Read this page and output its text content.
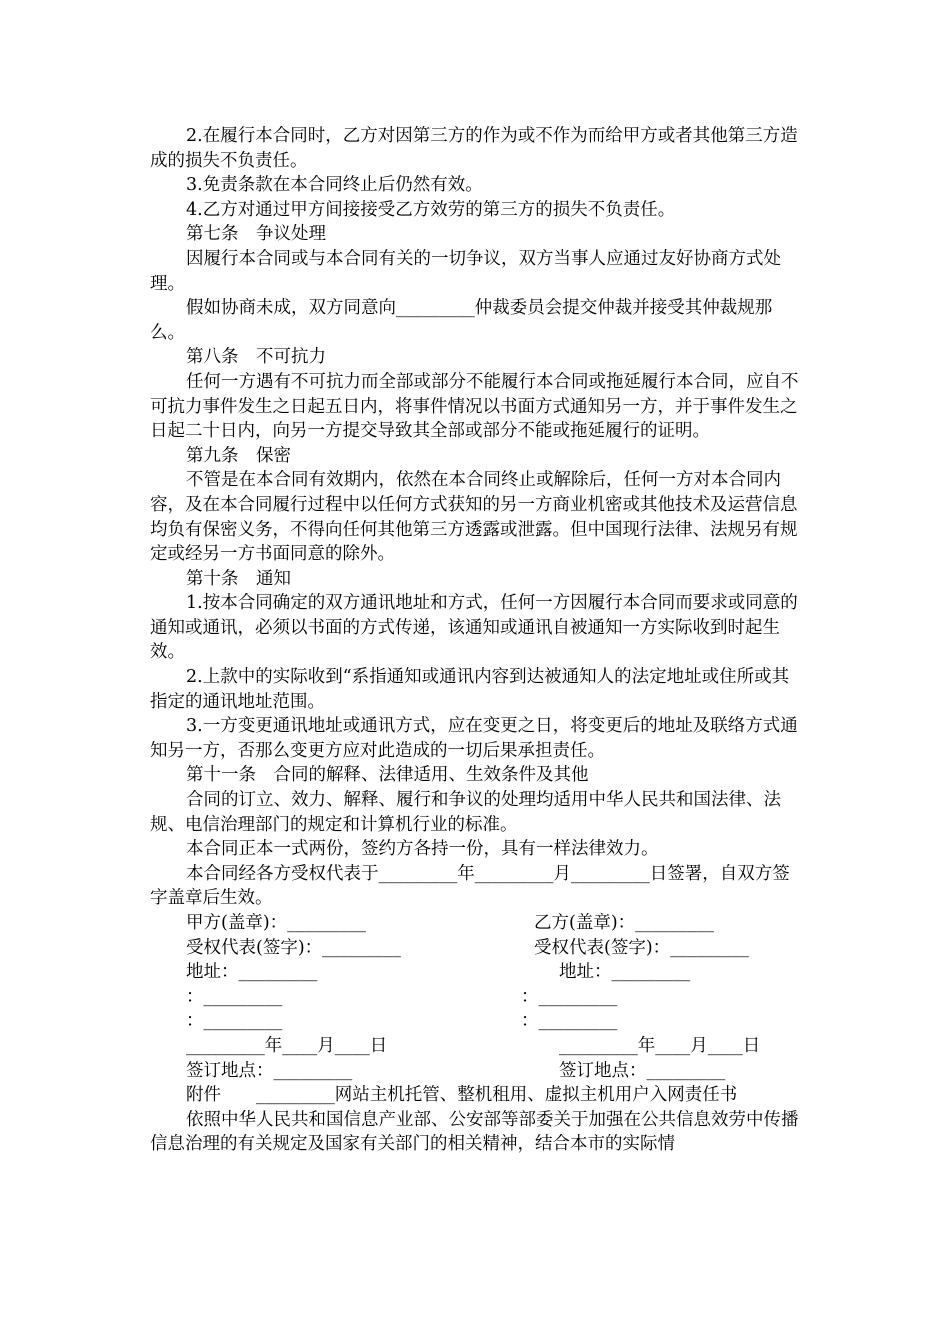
2.在履行本合同时，乙方对因第三方的作为或不作为而给甲方或者其他第三方造成的损失不负责任。

3.免责条款在本合同终止后仍然有效。

4.乙方对通过甲方间接接受乙方效劳的第三方的损失不负责任。

第七条　争议处理

因履行本合同或与本合同有关的一切争议，双方当事人应通过友好协商方式处理。

假如协商未成，双方同意向_________仲裁委员会提交仲裁并接受其仲裁规那么。

第八条　不可抗力

任何一方遇有不可抗力而全部或部分不能履行本合同或拖延履行本合同，应自不可抗力事件发生之日起五日内，将事件情况以书面方式通知另一方，并于事件发生之日起二十日内，向另一方提交导致其全部或部分不能或拖延履行的证明。

第九条　保密

不管是在本合同有效期内，依然在本合同终止或解除后，任何一方对本合同内容，及在本合同履行过程中以任何方式获知的另一方商业机密或其他技术及运营信息均负有保密义务，不得向任何其他第三方透露或泄露。但中国现行法律、法规另有规定或经另一方书面同意的除外。

第十条　通知

1.按本合同确定的双方通讯地址和方式，任何一方因履行本合同而要求或同意的通知或通讯，必须以书面的方式传递，该通知或通讯自被通知一方实际收到时起生效。

2.上款中的实际收到“系指通知或通讯内容到达被通知人的法定地址或住所或其指定的通讯地址范围。

3.一方变更通讯地址或通讯方式，应在变更之日，将变更后的地址及联络方式通知另一方，否那么变更方应对此造成的一切后果承担责任。

第十一条　合同的解释、法律适用、生效条件及其他

合同的订立、效力、解释、履行和争议的处理均适用中华人民共和国法律、法规、电信治理部门的规定和计算机行业的标准。

本合同正本一式两份，签约方各持一份，具有一样法律效力。

本合同经各方受权代表于_________年_________月_________日签署，自双方签字盖章后生效。

甲方(盖章)：_________	乙方(盖章)：_________
受权代表(签字)：_________	受权代表(签字)：_________
地址：_________	地址：_________
：_________	：_________
：_________	：_________
_________年____月____日	_________年____月____日
签订地点：_________	签订地点：_________

附件　　_________网站主机托管、整机租用、虚拟主机用户入网责任书

依照中华人民共和国信息产业部、公安部等部委关于加强在公共信息效劳中传播信息治理的有关规定及国家有关部门的相关精神，结合本市的实际情
